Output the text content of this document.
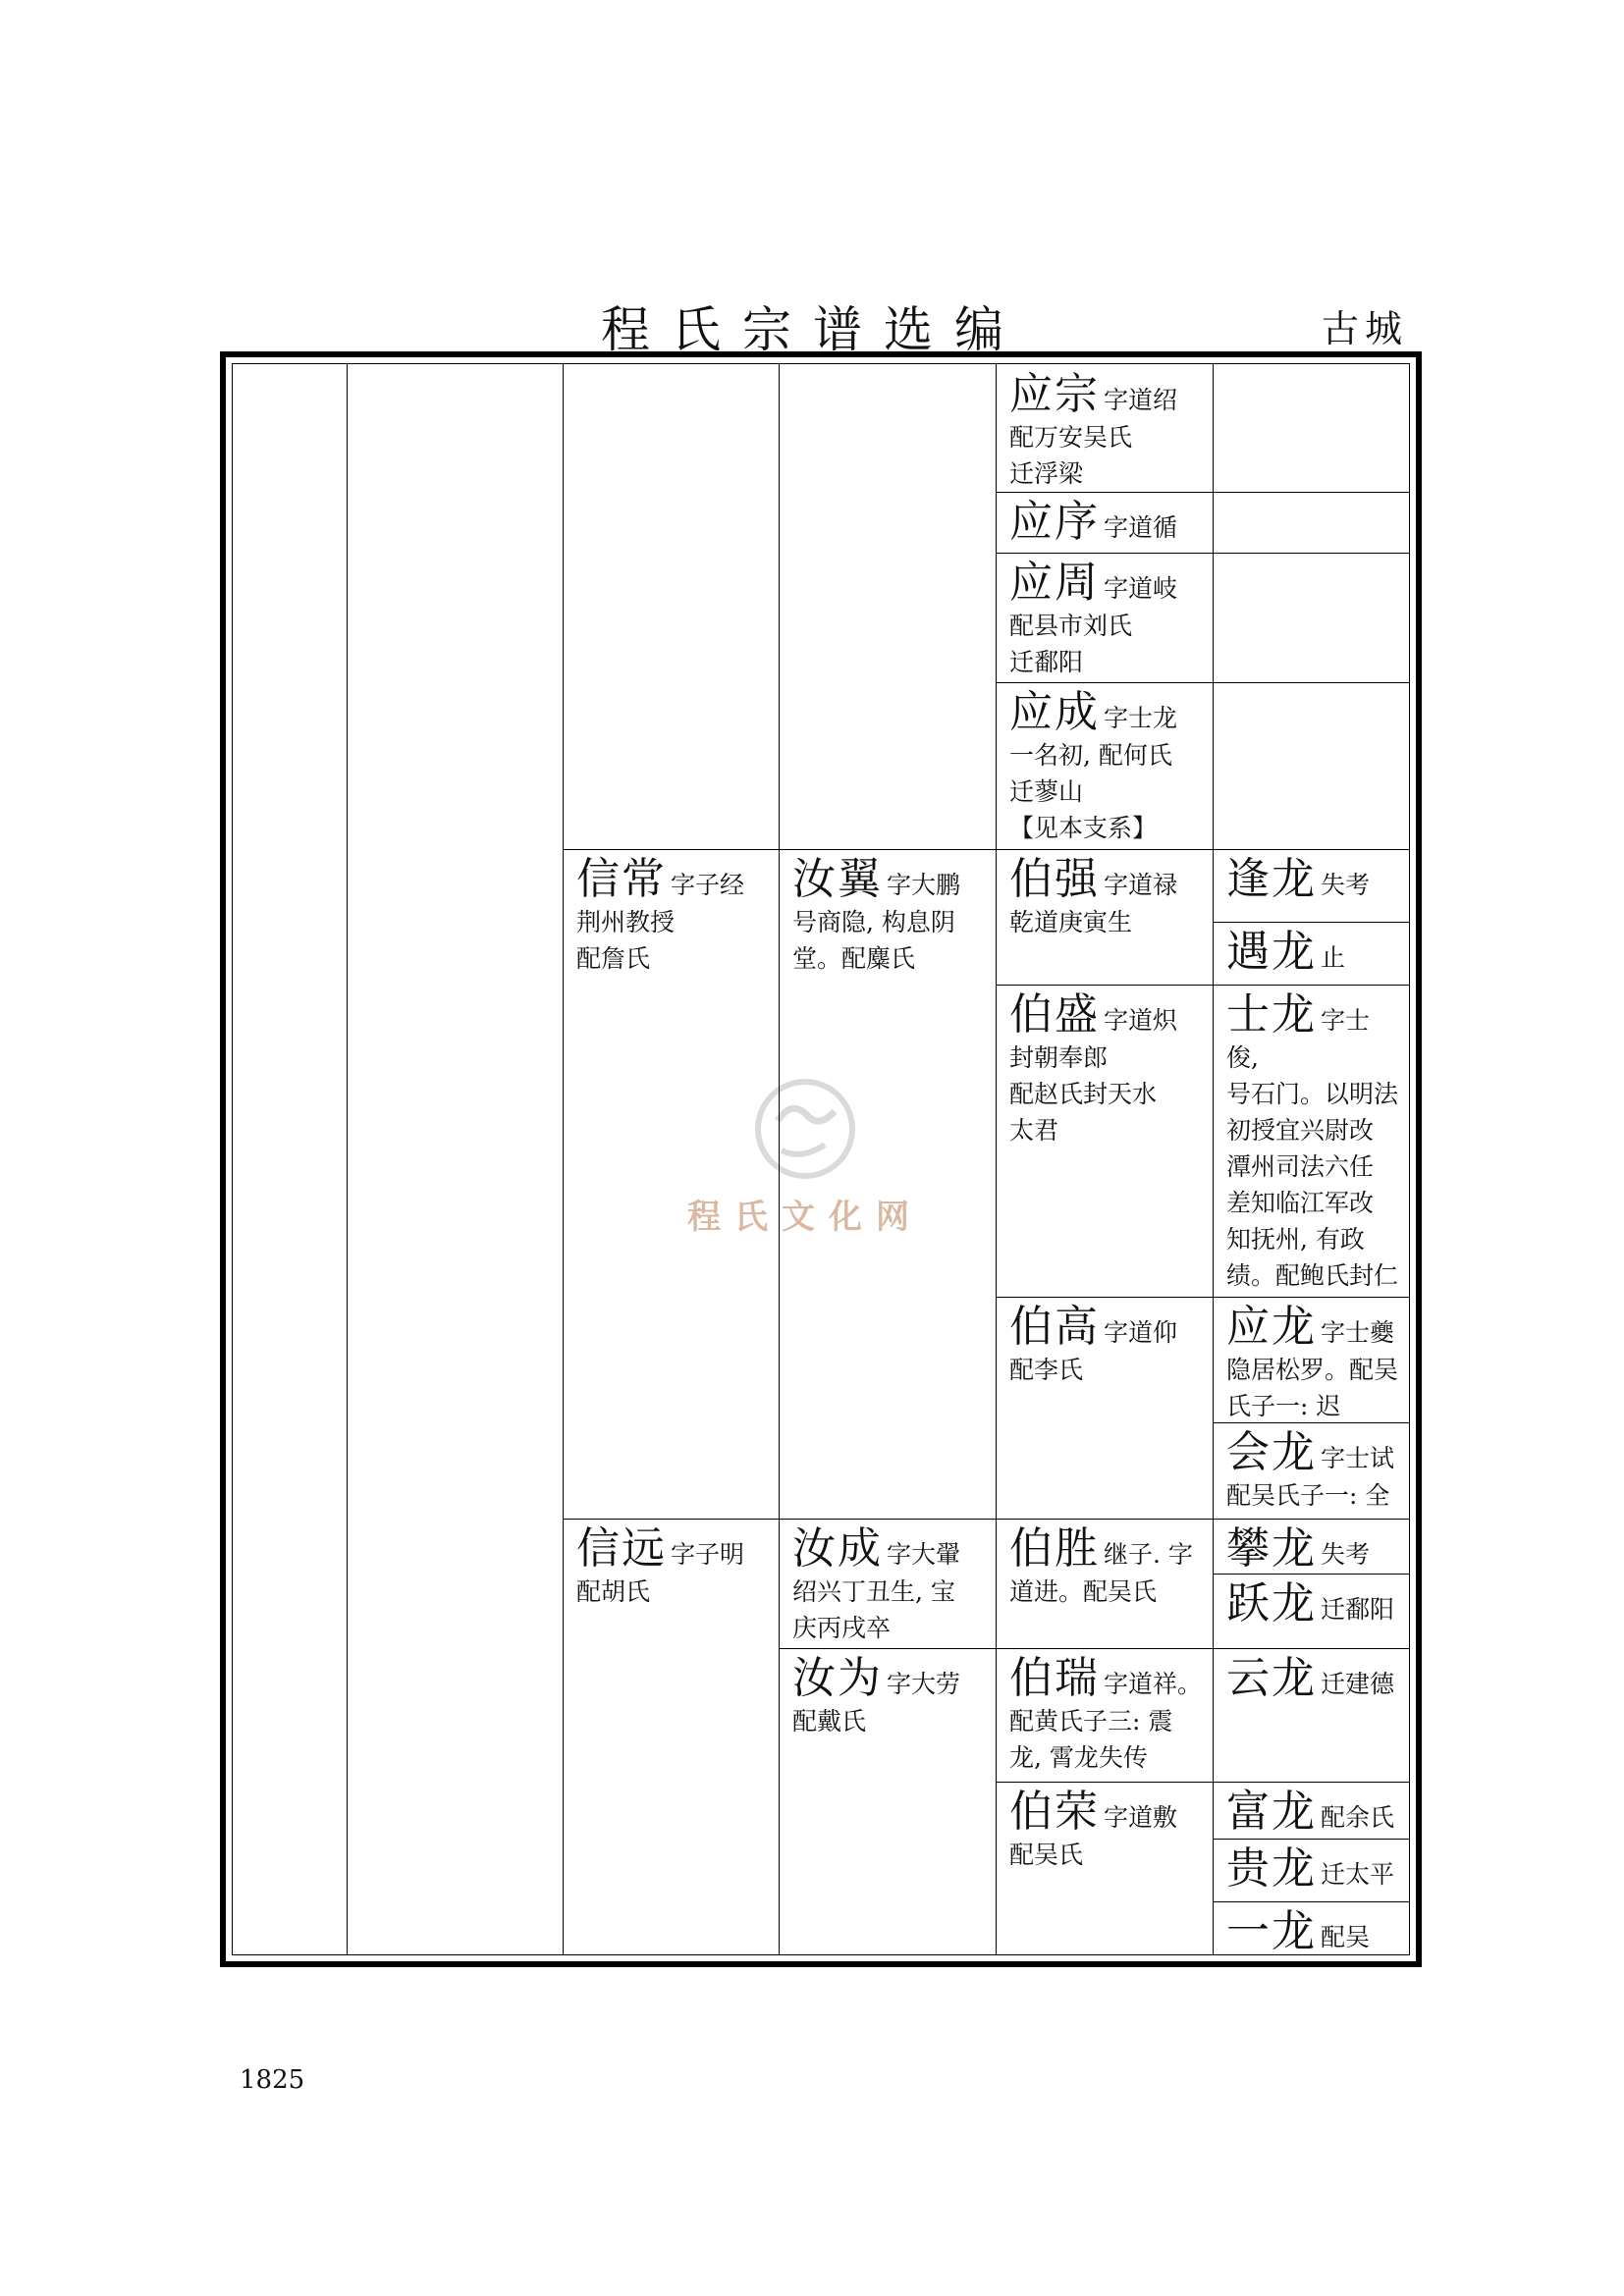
程氏宗谱选编	古城
程氏文化网
应宗 字道绍
配万安吴氏
迁浮梁
应序 字道循
应周 字道岐
配县市刘氏
迁鄱阳
应成 字士龙
一名初, 配何氏
迁蓼山
【见本支系】
信常 字子经
荆州教授
配詹氏
汝翼 字大鹏
号商隐, 构息阴
堂。配麋氏
伯强 字道禄
乾道庚寅生
逢龙 失考
遇龙 止
伯盛 字道炽
封朝奉郎
配赵氏封天水
太君
士龙 字士俊,
号石门。以明法
初授宜兴尉改
潭州司法六任
差知临江军改
知抚州, 有政
绩。配鲍氏封仁

伯高 字道仰
配李氏
应龙 字士夔
隐居松罗。配吴
氏子一: 迟
会龙 字士试
配吴氏子一: 全
信远 字子明
配胡氏
汝成 字大翬
绍兴丁丑生, 宝
庆丙戌卒
伯胜 继子. 字
道进。配吴氏
攀龙 失考
跃龙 迁鄱阳
汝为 字大劳
配戴氏
伯瑞 字道祥。
配黄氏子三: 震
龙, 霄龙失传
云龙 迁建德
伯荣 字道敷
配吴氏
富龙 配余氏
贵龙 迁太平
一龙 配吴
1825
